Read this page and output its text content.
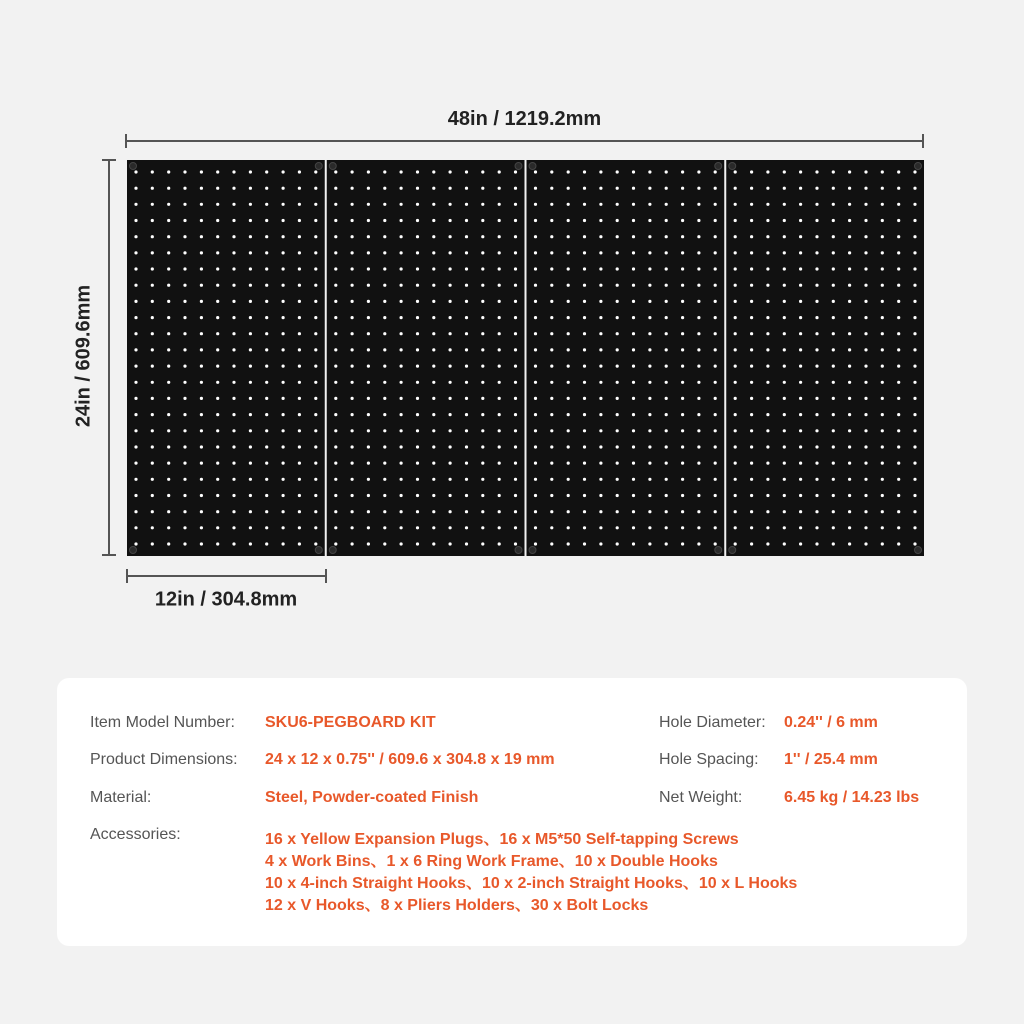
48in / 1219.2mm
24in / 609.6mm
12in / 304.8mm
Item Model Number: SKU6-PEGBOARD KIT
Product Dimensions: 24 x 12 x 0.75'' / 609.6 x 304.8 x 19 mm
Material:	Steel, Powder-coated Finish
Hole Diameter: 0.24'' / 6 mm
Hole Spacing: 1'' / 25.4 mm
Net Weight:	6.45 kg / 14.23 lbs
Accessories:	16 x Yellow Expansion Plugs、16 x M5*50 Self-tapping Screws
4 x Work Bins、1 x 6 Ring Work Frame、10 x Double Hooks
10 x 4-inch Straight Hooks、10 x 2-inch Straight Hooks、10 x L Hooks
12 x V Hooks、8 x Pliers Holders、30 x Bolt Locks
